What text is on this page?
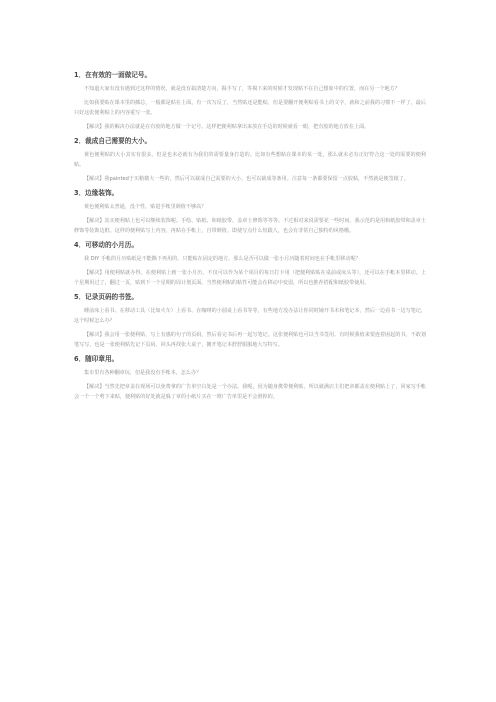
1．在有效的一面做记号。

不知道大家有没有遇到过这样的情况，就是没有搞清楚方向，揭手写了，等揭下来的时候才发现贴不在自己想象中的位置，而在另一个地方？

比如我要贴在课本里的插总，一般都是贴在上面，有一次写反了，当然贴还是能贴，但是要翻开便利贴看书上的文字，就和之前我的习惯不一样了。最后只好这张便利贴上的内容重写一张。

【解决】我的解决办法就是在有胶的地方做一个记号。这样把便利贴拿出来放在手边的时候就看一眼，把有胶的地方放在上面。

2．裁成自己需要的大小。

黄色便利贴的大小其实有很多。但是也未必就有为我们的需要量身打造的。比如有些想贴在课本的某一处，那么就未必有正好符合这一处的需要的便利贴。

【解决】我painted于买稍微大一些的，然后可以裁成自己需要的大小。也可以裁成等条用。注意每一条都要保留一点胶粘，不然就是便签纸了。

3．边缘装饰。

黄色便利贴太普通，没个性，贴进手帐里颜值不够高？

【解决】其实便利贴上也可以继续装饰呢。手绘、贴纸、和纸胶带、盖章士修饰等等等。不过相对来说需要花一些时间，我示范的是用和纸胶带和盖章士修饰等装饰边框。这样的便利贴写上内容，再贴在手帐上，自带颜值。即使写点什么短跟人，也会有非常自己独特的风格哦。

4．可移动的小月历。

我 DIY 手帐的月历贴纸是不能撕下再用的，只能贴在固定的地方。那么是否可以做一张小月历随着时间也在手帐里移动呢？

【解决】用便利贴就办得。在便利贴上画一张小月历，不仅可以作为某个项目的每日打卡用（把便利贴贴在桌前或床头等），还可以在手帐本里移动。上个星期用过了，翻过一页，贴到下一个星期的周计划页面。当然便利贴的粘性可能会在移动中变弱，所以也推荐搭配和纸胶带使用。

5．记录页码的书签。

睡前床上看书、在移动工具（比如火车）上看书、在咖啡的小圆桌上看书等等，有些地方没办法让你同时铺开书本和笔记本，然后一边看书一边写笔记，这个时候怎么办？

【解决】我会用一张便利贴，写上有感的句子的页码，然后看完书后再一起写笔记。这张便利贴也可以当书签用。有时候我值来要连着困起的书，不敢划笔写写，也是一张便利贴先记下页码，回头再找张大桌子，摊开笔记本舒舒服服地大写特写。

6．随印章用。

集市里有各种翻章玩，但是我没有手帐本，怎么办？

【解决】当然先把章盖在现场可以免费拿的广告单空白处是一个办法。我呢，因为随身携带便利贴，所以就满店主们把章都盖在便利贴上了，回家写手帐会一个一个剪下来贴，便利贴的好处就是躲了章的小纸片买在一堆广告单里是不会滑掉的。
